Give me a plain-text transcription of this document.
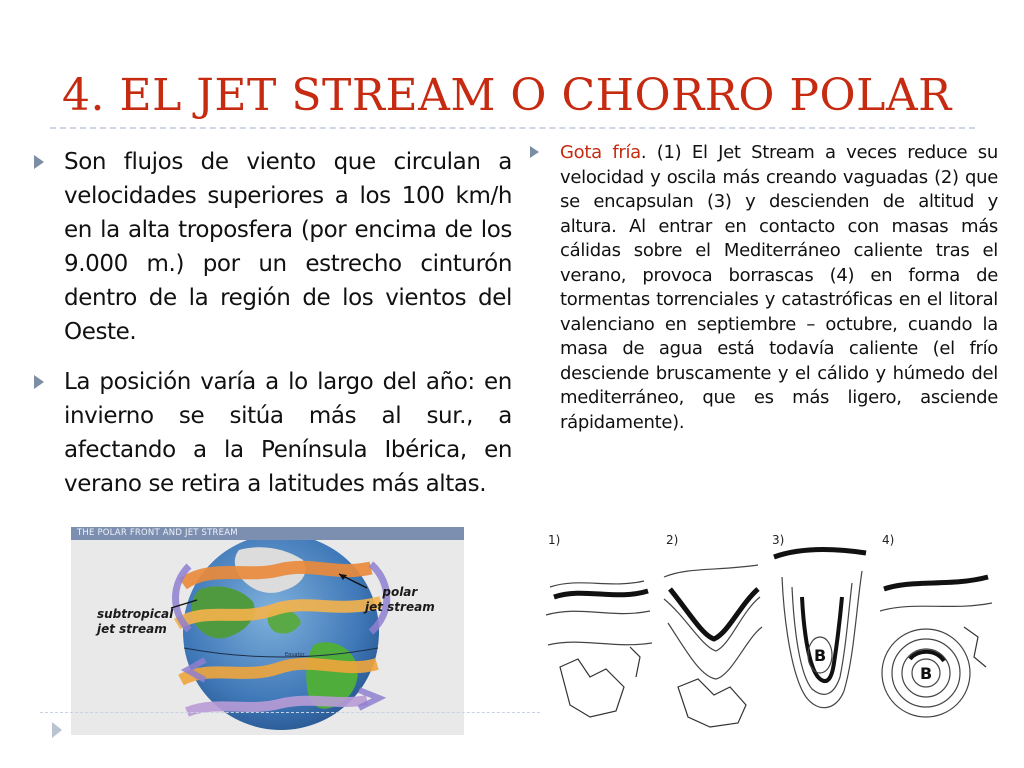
4. EL JET STREAM O CHORRO POLAR
Son flujos de viento que circulan a velocidades superiores a los 100 km/h en la alta troposfera (por encima de los 9.000 m.) por un estrecho cinturón dentro de la región de los vientos del Oeste.
La posición varía a lo largo del año: en invierno se sitúa más al sur., a afectando a la Península Ibérica, en verano se retira a latitudes más altas.

Gota fría. (1) El Jet Stream a veces reduce su velocidad y oscila más creando vaguadas (2) que se encapsulan (3) y descienden de altitud y altura. Al entrar en contacto con masas más cálidas sobre el Mediterráneo caliente tras el verano, provoca borrascas (4) en forma de tormentas torrenciales y catastróficas en el litoral valenciano en septiembre – octubre, cuando la masa de agua está todavía caliente (el frío desciende bruscamente y el cálido y húmedo del mediterráneo, que es más ligero, asciende rápidamente).

THE POLAR FRONT AND JET STREAM
Equator
subtropical
jet stream
polar
jet stream
1)	2)	3)
B
4)
B
